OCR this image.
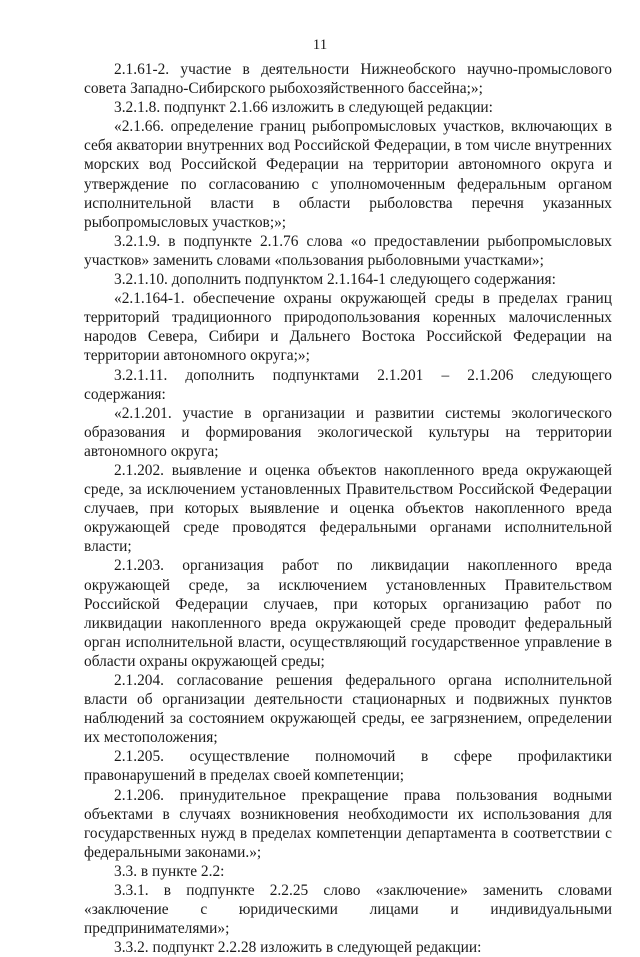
11

2.1.61-2. участие в деятельности Нижнеобского научно-промыслового совета Западно-Сибирского рыбохозяйственного бассейна;»;

3.2.1.8. подпункт 2.1.66 изложить в следующей редакции:

«2.1.66. определение границ рыбопромысловых участков, включающих в себя акватории внутренних вод Российской Федерации, в том числе внутренних морских вод Российской Федерации на территории автономного округа и утверждение по согласованию с уполномоченным федеральным органом исполнительной власти в области рыболовства перечня указанных рыбопромысловых участков;»;

3.2.1.9. в подпункте 2.1.76 слова «о предоставлении рыбопромысловых участков» заменить словами «пользования рыболовными участками»;

3.2.1.10. дополнить подпунктом 2.1.164-1 следующего содержания:

«2.1.164-1. обеспечение охраны окружающей среды в пределах границ территорий традиционного природопользования коренных малочисленных народов Севера, Сибири и Дальнего Востока Российской Федерации на территории автономного округа;»;

3.2.1.11. дополнить подпунктами 2.1.201 – 2.1.206 следующего содержания:

«2.1.201. участие в организации и развитии системы экологического образования и формирования экологической культуры на территории автономного округа;

2.1.202. выявление и оценка объектов накопленного вреда окружающей среде, за исключением установленных Правительством Российской Федерации случаев, при которых выявление и оценка объектов накопленного вреда окружающей среде проводятся федеральными органами исполнительной власти;

2.1.203. организация работ по ликвидации накопленного вреда окружающей среде, за исключением установленных Правительством Российской Федерации случаев, при которых организацию работ по ликвидации накопленного вреда окружающей среде проводит федеральный орган исполнительной власти, осуществляющий государственное управление в области охраны окружающей среды;

2.1.204. согласование решения федерального органа исполнительной власти об организации деятельности стационарных и подвижных пунктов наблюдений за состоянием окружающей среды, ее загрязнением, определении их местоположения;

2.1.205. осуществление полномочий в сфере профилактики правонарушений в пределах своей компетенции;

2.1.206. принудительное прекращение права пользования водными объектами в случаях возникновения необходимости их использования для государственных нужд в пределах компетенции департамента в соответствии с федеральными законами.»;

3.3. в пункте 2.2:

3.3.1. в подпункте 2.2.25 слово «заключение» заменить словами «заключение с юридическими лицами и индивидуальными предпринимателями»;

3.3.2. подпункт 2.2.28 изложить в следующей редакции:
